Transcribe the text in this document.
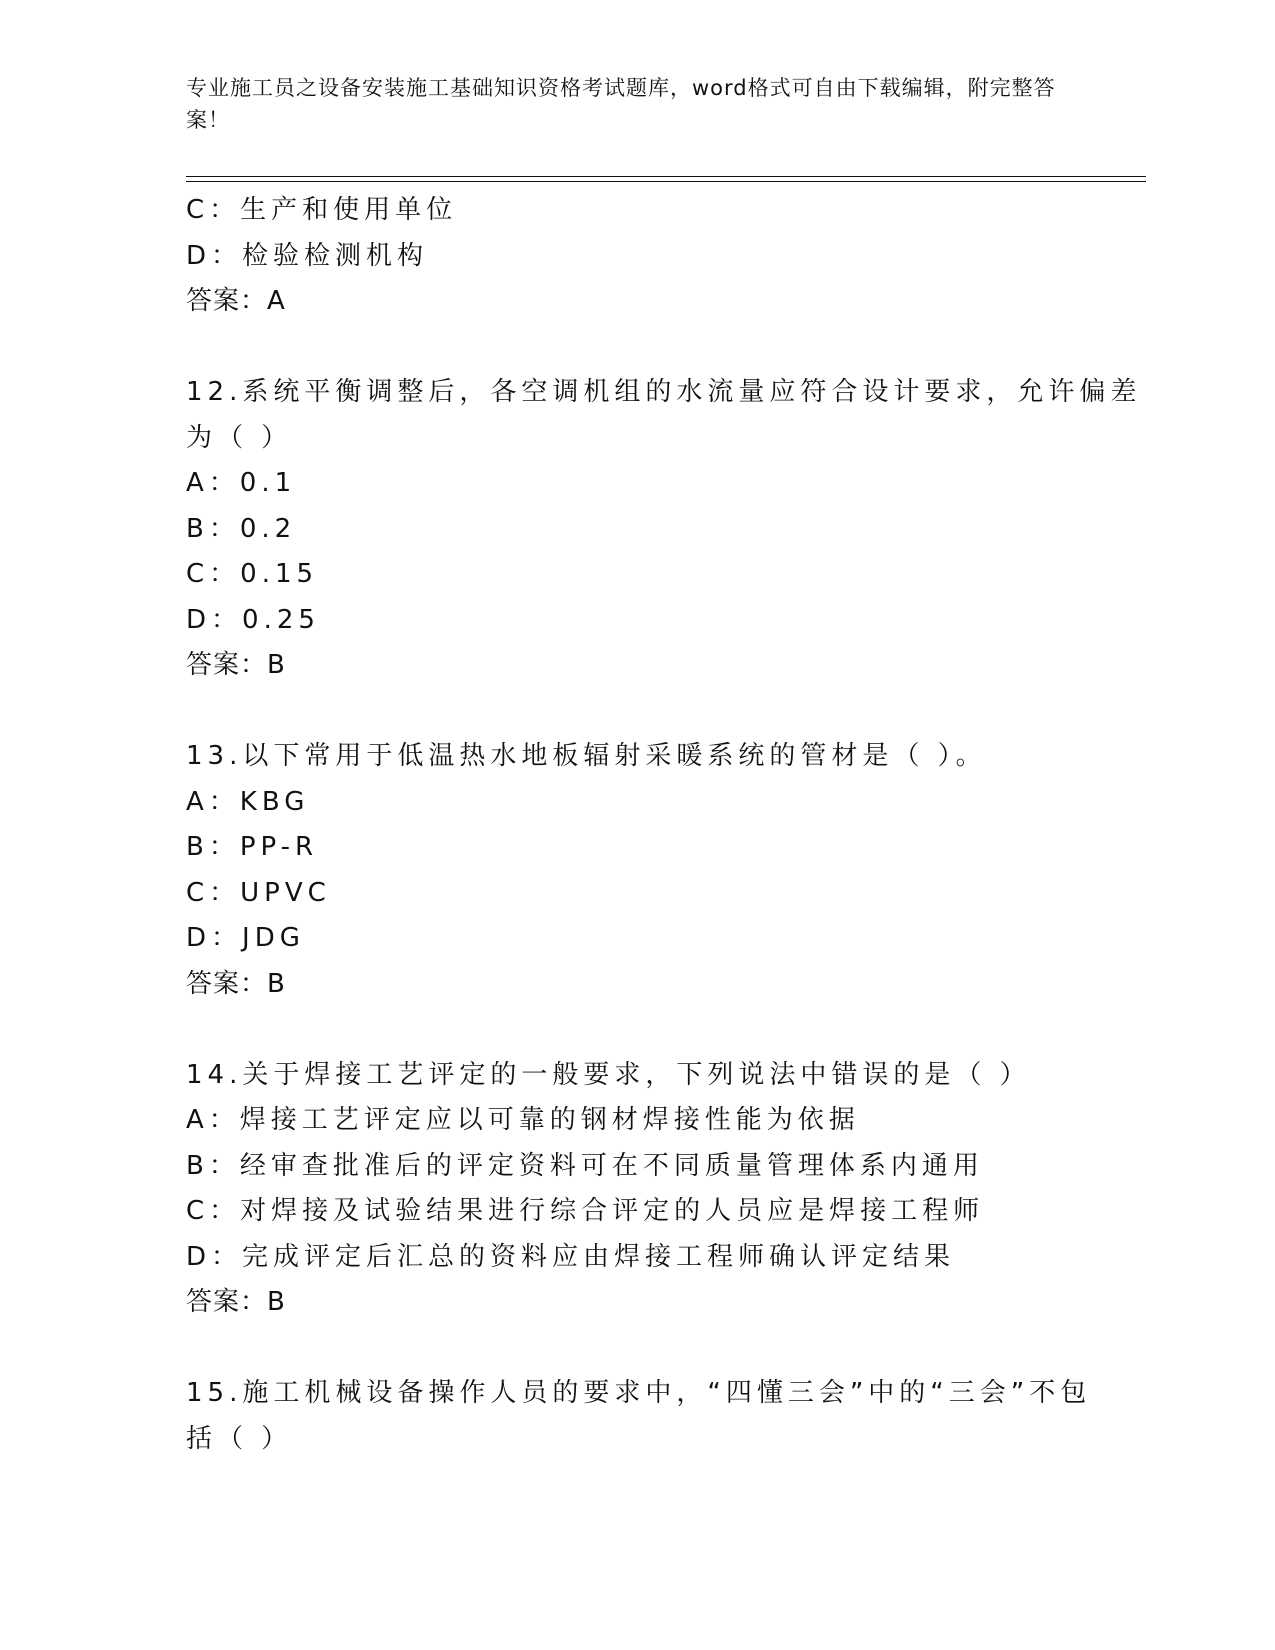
专业施工员之设备安装施工基础知识资格考试题库，word格式可自由下载编辑，附完整答案！
C：生产和使用单位
D：检验检测机构
答案：A
12.系统平衡调整后，各空调机组的水流量应符合设计要求，允许偏差
为（ ）
A：0.1
B：0.2
C：0.15
D：0.25
答案：B
13.以下常用于低温热水地板辐射采暖系统的管材是（ ）。
A：KBG
B：PP-R
C：UPVC
D：JDG
答案：B
14.关于焊接工艺评定的一般要求，下列说法中错误的是（ ）
A：焊接工艺评定应以可靠的钢材焊接性能为依据
B：经审查批准后的评定资料可在不同质量管理体系内通用
C：对焊接及试验结果进行综合评定的人员应是焊接工程师
D：完成评定后汇总的资料应由焊接工程师确认评定结果
答案：B
15.施工机械设备操作人员的要求中，“四懂三会”中的“三会”不包
括（ ）
